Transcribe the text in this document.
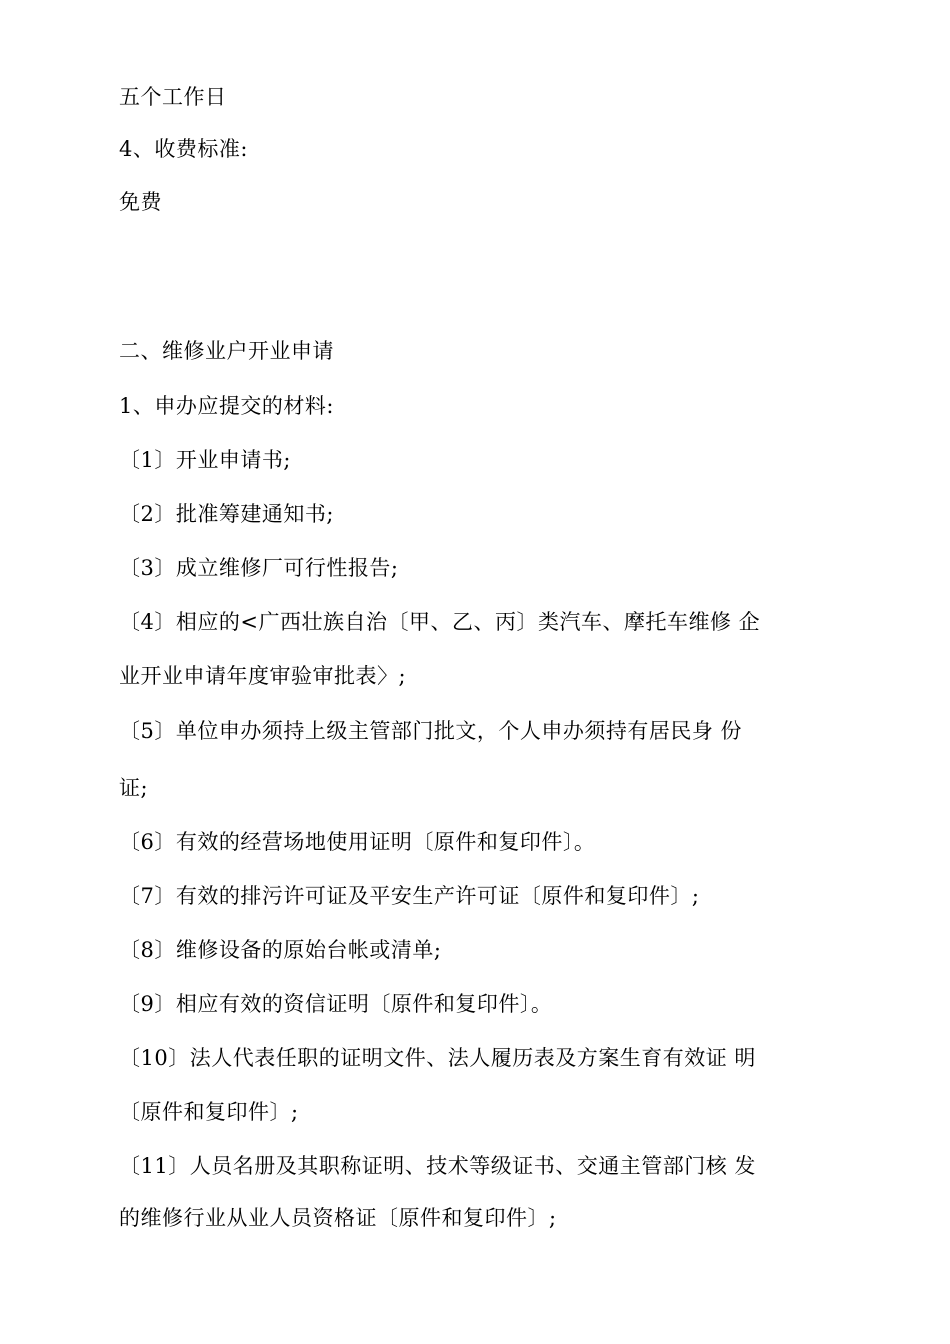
五个工作日
4、收费标准:
免费
二、维修业户开业申请
1、申办应提交的材料:
〔1〕开业申请书;
〔2〕批准筹建通知书;
〔3〕成立维修厂可行性报告;
〔4〕相应的<广西壮族自治〔甲、乙、丙〕类汽车、摩托车维修 企
业开业申请年度审验审批表〉;
〔5〕单位申办须持上级主管部门批文，个人申办须持有居民身 份
证;
〔6〕有效的经营场地使用证明〔原件和复印件〕。
〔7〕有效的排污许可证及平安生产许可证〔原件和复印件〕;
〔8〕维修设备的原始台帐或清单;
〔9〕相应有效的资信证明〔原件和复印件〕。
〔10〕法人代表任职的证明文件、法人履历表及方案生育有效证 明
〔原件和复印件〕;
〔11〕人员名册及其职称证明、技术等级证书、交通主管部门核 发
的维修行业从业人员资格证〔原件和复印件〕;
